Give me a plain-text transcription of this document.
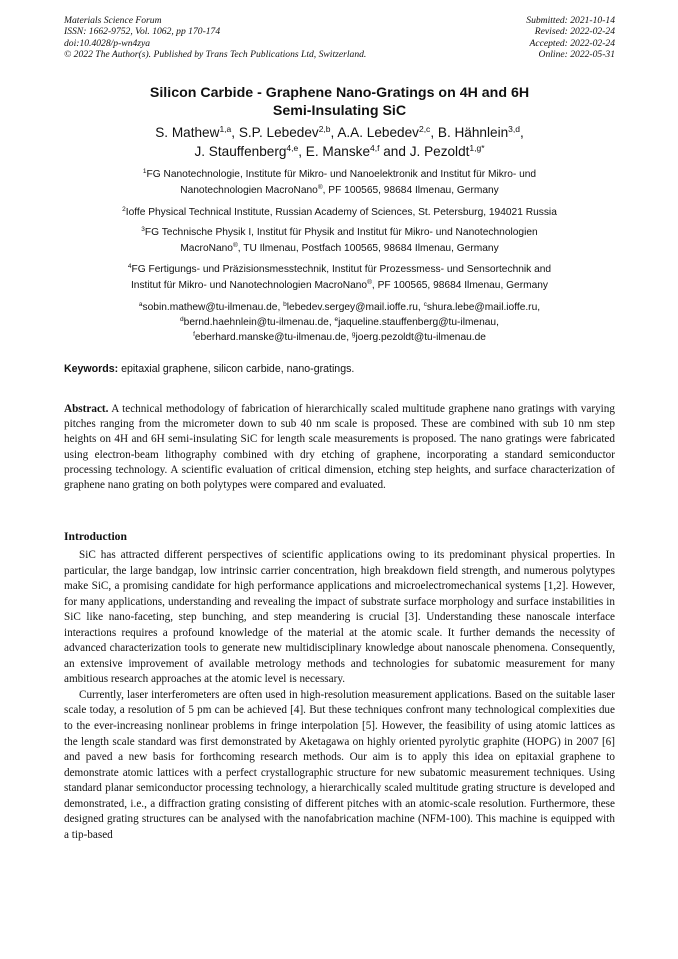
Materials Science Forum	Submitted: 2021-10-14
ISSN: 1662-9752, Vol. 1062, pp 170-174	Revised: 2022-02-24
doi:10.4028/p-wn4zya	Accepted: 2022-02-24
© 2022 The Author(s). Published by Trans Tech Publications Ltd, Switzerland.	Online: 2022-05-31
Silicon Carbide - Graphene Nano-Gratings on 4H and 6H
Semi-Insulating SiC
S. Mathew$^{1,a}$, S.P. Lebedev$^{2,b}$, A.A. Lebedev$^{2,c}$, B. Hähnlein$^{3,d}$,
J. Stauffenberg$^{4,e}$, E. Manske$^{4,f}$ and J. Pezoldt$^{1,g*}$
$^1$FG Nanotechnologie, Institute für Mikro- und Nanoelektronik and Institut für Mikro- und
Nanotechnologien MacroNano®, PF 100565, 98684 Ilmenau, Germany
$^2$Ioffe Physical Technical Institute, Russian Academy of Sciences, St. Petersburg, 194021 Russia
$^3$FG Technische Physik I, Institut für Physik and Institut für Mikro- und Nanotechnologien
MacroNano®, TU Ilmenau, Postfach 100565, 98684 Ilmenau, Germany
$^4$FG Fertigungs- und Präzisionsmesstechnik, Institut für Prozessmess- und Sensortechnik and
Institut für Mikro- und Nanotechnologien MacroNano®, PF 100565, 98684 Ilmenau, Germany
$^a$sobin.mathew@tu-ilmenau.de, $^b$lebedev.sergey@mail.ioffe.ru, $^c$shura.lebe@mail.ioffe.ru,
$^d$bernd.haehnlein@tu-ilmenau.de, $^e$jaqueline.stauffenberg@tu-ilmenau,
$^f$eberhard.manske@tu-ilmenau.de, $^g$joerg.pezoldt@tu-ilmenau.de
Keywords: epitaxial graphene, silicon carbide, nano-gratings.
Abstract. A technical methodology of fabrication of hierarchically scaled multitude graphene nano gratings with varying pitches ranging from the micrometer down to sub 40 nm scale is proposed. These are combined with sub 10 nm step heights on 4H and 6H semi-insulating SiC for length scale measurements is proposed. The nano gratings were fabricated using electron-beam lithography combined with dry etching of graphene, incorporating a standard semiconductor processing technology. A scientific evaluation of critical dimension, etching step heights, and surface characterization of graphene nano grating on both polytypes were compared and evaluated.
Introduction

SiC has attracted different perspectives of scientific applications owing to its predominant physical properties. In particular, the large bandgap, low intrinsic carrier concentration, high breakdown field strength, and numerous polytypes make SiC, a promising candidate for high performance applications and microelectromechanical systems [1,2]. However, for many applications, understanding and revealing the impact of substrate surface morphology and surface instabilities in SiC like nano-faceting, step bunching, and step meandering is crucial [3]. Understanding these nanoscale interface interactions requires a profound knowledge of the material at the atomic scale. It further demands the necessity of advanced characterization tools to generate new multidisciplinary knowledge about nanoscale phenomena. Consequently, an extensive improvement of available metrology methods and technologies for subatomic measurement for many ambitious research approaches at the atomic level is necessary.

Currently, laser interferometers are often used in high-resolution measurement applications. Based on the suitable laser scale today, a resolution of 5 pm can be achieved [4]. But these techniques confront many technological complexities due to the ever-increasing nonlinear problems in fringe interpolation [5]. However, the feasibility of using atomic lattices as the length scale standard was first demonstrated by Aketagawa on highly oriented pyrolytic graphite (HOPG) in 2007 [6] and paved a new basis for forthcoming research methods. Our aim is to apply this idea on epitaxial graphene to demonstrate atomic lattices with a perfect crystallographic structure for new subatomic measurement techniques. Using standard planar semiconductor processing technology, a hierarchically scaled multitude grating structure is developed and demonstrated, i.e., a diffraction grating consisting of different pitches with an atomic-scale resolution. Furthermore, these designed grating structures can be analysed with the nanofabrication machine (NFM-100). This machine is equipped with a tip-based
